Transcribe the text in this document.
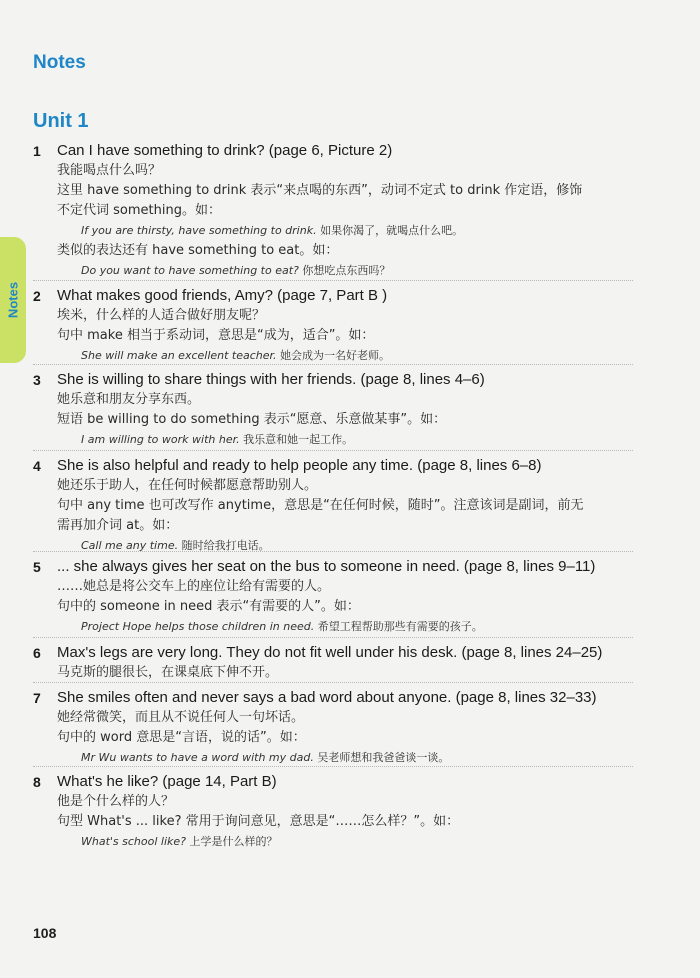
Notes
Unit 1
Notes
1 Can I have something to drink? (page 6, Picture 2)
我能喝点什么吗？
这里 have something to drink 表示“来点喝的东西”，动词不定式 to drink 作定语，修饰
不定代词 something。如：
If you are thirsty, have something to drink. 如果你渴了，就喝点什么吧。
类似的表达还有 have something to eat。如：
Do you want to have something to eat? 你想吃点东西吗？
2 What makes good friends, Amy? (page 7, Part B )
埃米，什么样的人适合做好朋友呢？
句中 make 相当于系动词，意思是“成为，适合”。如：
She will make an excellent teacher. 她会成为一名好老师。
3 She is willing to share things with her friends. (page 8, lines 4–6)
她乐意和朋友分享东西。
短语 be willing to do something 表示“愿意、乐意做某事”。如：
I am willing to work with her. 我乐意和她一起工作。
4 She is also helpful and ready to help people any time. (page 8, lines 6–8)
她还乐于助人，在任何时候都愿意帮助别人。
句中 any time 也可改写作 anytime，意思是“在任何时候，随时”。注意该词是副词，前无
需再加介词 at。如：
Call me any time. 随时给我打电话。
5 ... she always gives her seat on the bus to someone in need. (page 8, lines 9–11)
……她总是将公交车上的座位让给有需要的人。
句中的 someone in need 表示“有需要的人”。如：
Project Hope helps those children in need. 希望工程帮助那些有需要的孩子。
6 Max's legs are very long. They do not fit well under his desk. (page 8, lines 24–25)
马克斯的腿很长，在课桌底下伸不开。
7 She smiles often and never says a bad word about anyone. (page 8, lines 32–33)
她经常微笑，而且从不说任何人一句坏话。
句中的 word 意思是“言语，说的话”。如：
Mr Wu wants to have a word with my dad. 吴老师想和我爸爸谈一谈。
8 What's he like? (page 14, Part B)
他是个什么样的人？
句型 What's ... like? 常用于询问意见，意思是“……怎么样？”。如：
What's school like? 上学是什么样的？
108
